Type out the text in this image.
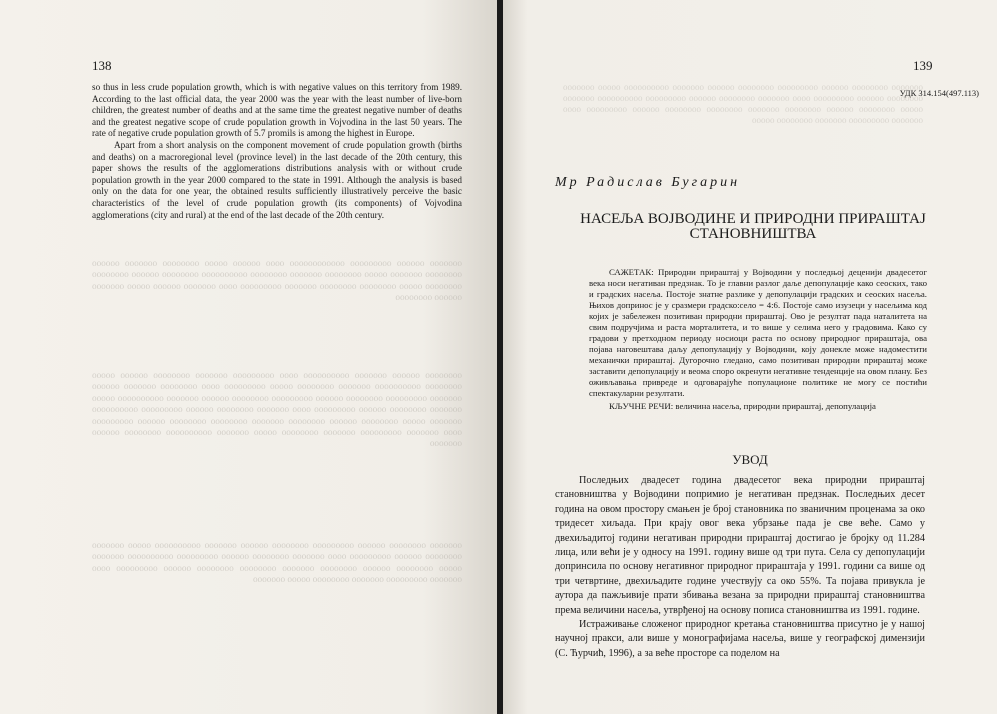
138

so thus in less crude population growth, which is with negative values on this territory from 1989. According to the last official data, the year 2000 was the year with the least number of live-born children, the greatest number of deaths and at the same time the greatest negative number of deaths and the greatest negative scope of crude population growth in Vojvodina in the last 50 years. The rate of negative crude population growth of 5.7 promils is among the highest in Europe.

Apart from a short analysis on the component movement of crude population growth (births and deaths) on a macroregional level (province level) in the last decade of the 20th century, this paper shows the results of the agglomerations distributions analysis with or without crude population growth in the year 2000 compared to the state in 1991. Although the analysis is based only on the data for one year, the obtained results sufficiently illustratively perceive the basic characteristics of the level of crude population growth (its components) of Vojvodina agglomerations (city and rural) at the end of the last decade of the 20th century.

ooooooo oooooo ooooooooo oooooooooooo oooo oooooo ooooo oooooooo ooooooo oooooo oooooooo ooooooo ooooo oooooooo ooooooo oooooooo oooooooooo oooooooo oooooo oooooooo oooooooo ooooo oooooooo oooooooo ooooooo ooooooooo oooo ooooooo oooooo ooooo ooooooo oooooo oooooooo

oooooooo oooooo ooooooo oooooooooo oooo ooooooooo ooooooo oooooooo oooooo ooooo oooooooo oooooooooo ooooooo oooooooo ooooo ooooooooo oooo oooooooo ooooooo oooooo ooooooo ooooooooo oooooooo oooooo ooooooooo oooooooo oooooo ooooooo oooooooooo ooooo ooooooo oooooooo oooooo ooooooooo oooo ooooooo oooooooo oooooo ooooooooo oooooooooo ooooooo ooooo oooooooo oooooo oooooooo ooooooo oooooooo oooooooo oooooo ooooooooo oooo ooooooo ooooooooo ooooooo oooooooo ooooo ooooooo oooooooooo oooooooo oooooo ooooooo

ooooooo oooooooo oooooo ooooooooo oooooooo oooooo ooooooo oooooooooo ooooo ooooooo oooooooo oooooo ooooooooo oooo ooooooo oooooooo oooooo ooooooooo oooooooooo ooooooo ooooo oooooooo oooooo oooooooo ooooooo oooooooo oooooooo oooooo ooooooooo oooo ooooooo ooooooooo ooooooo oooooooo ooooo ooooooo

ooooooo oooooooo oooooo ooooooooo oooooooo oooooo ooooooo oooooooooo ooooo ooooooo oooooooo oooooo ooooooooo oooo ooooooo oooooooo oooooo ooooooooo oooooooooo ooooooo ooooo oooooooo oooooo oooooooo ooooooo oooooooo oooooooo oooooo ooooooooo oooo ooooooo ooooooooo ooooooo oooooooo ooooo
139
УДК 314.154(497.113)
Мр Радислав Бугарин
НАСЕЉА ВОЈВОДИНЕ И ПРИРОДНИ ПРИРАШТАЈ СТАНОВНИШТВА

САЖЕТАК: Природни прираштај у Војводини у последњој деценији двадесетог века носи негативан предзнак. То је главни разлог даље депопулације како сеоских, тако и градских насеља. Постоје знатне разлике у депопулацији градских и сеоских насеља. Њихов допринос је у сразмери градско:село = 4:6. Постоје само изузеци у насељима код којих је забележен позитиван природни прираштај. Ово је резултат пада наталитета на свим подручјима и раста морталитета, и то више у селима него у градовима. Како су градови у претходном периоду носиоци раста по основу природног прираштаја, ова појава наговештава даљу депопулацију у Војводини, коју донекле може надоместити механички прираштај. Дугорочно гледано, само позитиван природни прираштај може заставити депопулацију и веома споро окренути негативне тенденције на овом плану. Без оживљавања привреде и одговарајуће популационе политике не могу се постићи спектакуларни резултати.

КЉУЧНЕ РЕЧИ: величина насеља, природни прираштај, депопулација

УВОД

Последњих двадесет година двадесетог века природни прираштај становништва у Војводини попримио је негативан предзнак. Последњих десет година на овом простору смањен је број становника по званичним проценама за око тридесет хиљада. При крају овог века убрзање пада је све веће. Само у двехиљадитој години негативан природни прираштај достигао је бројку од 11.284 лица, или већи је у односу на 1991. годину више од три пута. Села су депопулацији допринсила по основу негативног природног прираштаја у 1991. години са више од три четвртине, двехиљадите године учествују са око 55%. Та појава привукла је аутора да пажљивије прати збивања везана за природни прираштај становништва према величини насеља, утврђеној на основу пописа становништва из 1991. године.

Истраживање сложеног природног кретања становништва присутно је у нашој научној пракси, али више у монографијама насеља, више у географској димензији (С. Ћурчић, 1996), а за веће просторе са поделом на
